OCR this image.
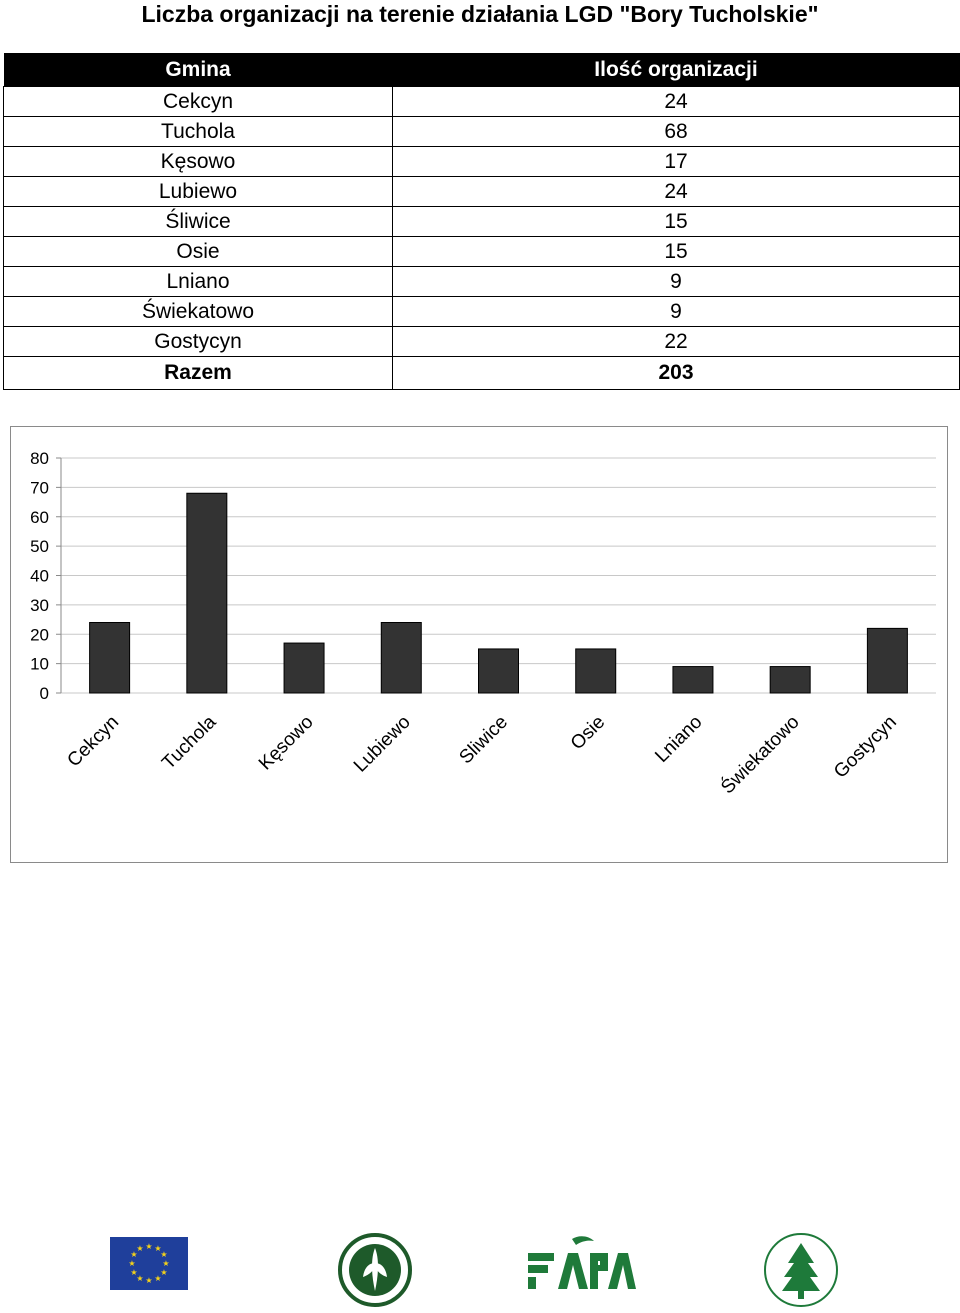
Liczba organizacji na terenie działania LGD "Bory Tucholskie"
Gmina	Ilość organizacji
Cekcyn	24
Tuchola	68
Kęsowo	17
Lubiewo	24
Śliwice	15
Osie	15
Lniano	9
Świekatowo	9
Gostycyn	22
Razem	203
0
10
20
30
40
50
60
70
80
Cekcyn Tuchola Kęsowo Lubiewo Sliwice	Osie Lniano Świekatowo Gostycyn
★ ★
★
★
★
★
★
★
★
★
★
★
